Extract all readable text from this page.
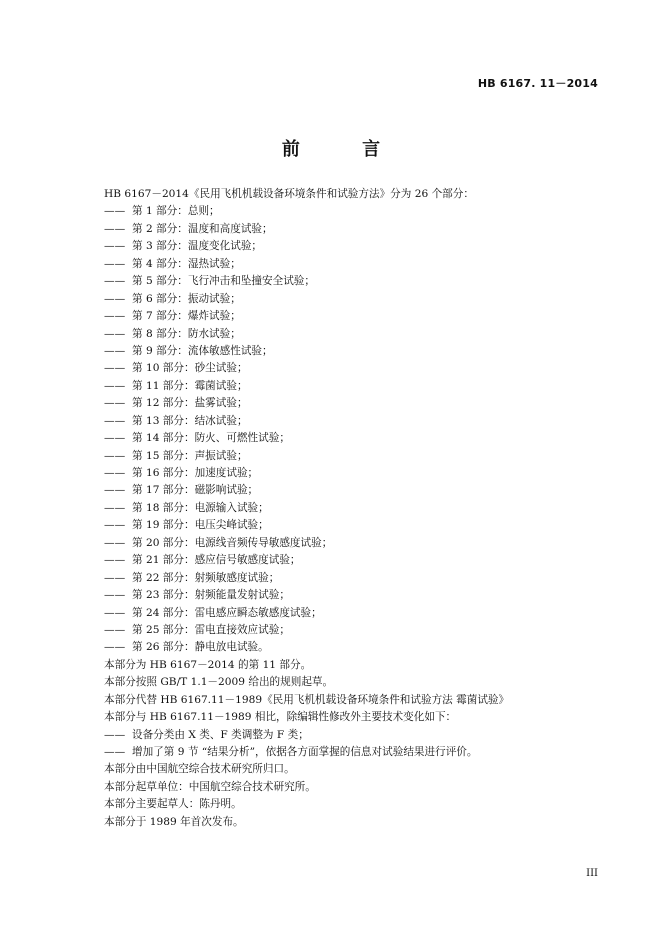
HB 6167. 11－2014
前 言
HB 6167－2014《民用飞机机载设备环境条件和试验方法》分为 26 个部分：
—— 第 1 部分：总则；
—— 第 2 部分：温度和高度试验；
—— 第 3 部分：温度变化试验；
—— 第 4 部分：湿热试验；
—— 第 5 部分：飞行冲击和坠撞安全试验；
—— 第 6 部分：振动试验；
—— 第 7 部分：爆炸试验；
—— 第 8 部分：防水试验；
—— 第 9 部分：流体敏感性试验；
—— 第 10 部分：砂尘试验；
—— 第 11 部分：霉菌试验；
—— 第 12 部分：盐雾试验；
—— 第 13 部分：结冰试验；
—— 第 14 部分：防火、可燃性试验；
—— 第 15 部分：声振试验；
—— 第 16 部分：加速度试验；
—— 第 17 部分：磁影响试验；
—— 第 18 部分：电源输入试验；
—— 第 19 部分：电压尖峰试验；
—— 第 20 部分：电源线音频传导敏感度试验；
—— 第 21 部分：感应信号敏感度试验；
—— 第 22 部分：射频敏感度试验；
—— 第 23 部分：射频能量发射试验；
—— 第 24 部分：雷电感应瞬态敏感度试验；
—— 第 25 部分：雷电直接效应试验；
—— 第 26 部分：静电放电试验。
本部分为 HB 6167－2014 的第 11 部分。
本部分按照 GB/T 1.1－2009 给出的规则起草。
本部分代替 HB 6167.11－1989《民用飞机机载设备环境条件和试验方法 霉菌试验》
本部分与 HB 6167.11－1989 相比，除编辑性修改外主要技术变化如下：
—— 设备分类由 X 类、F 类调整为 F 类；
—— 增加了第 9 节 “结果分析”，依据各方面掌握的信息对试验结果进行评价。
本部分由中国航空综合技术研究所归口。
本部分起草单位：中国航空综合技术研究所。
本部分主要起草人：陈丹明。
本部分于 1989 年首次发布。
III
